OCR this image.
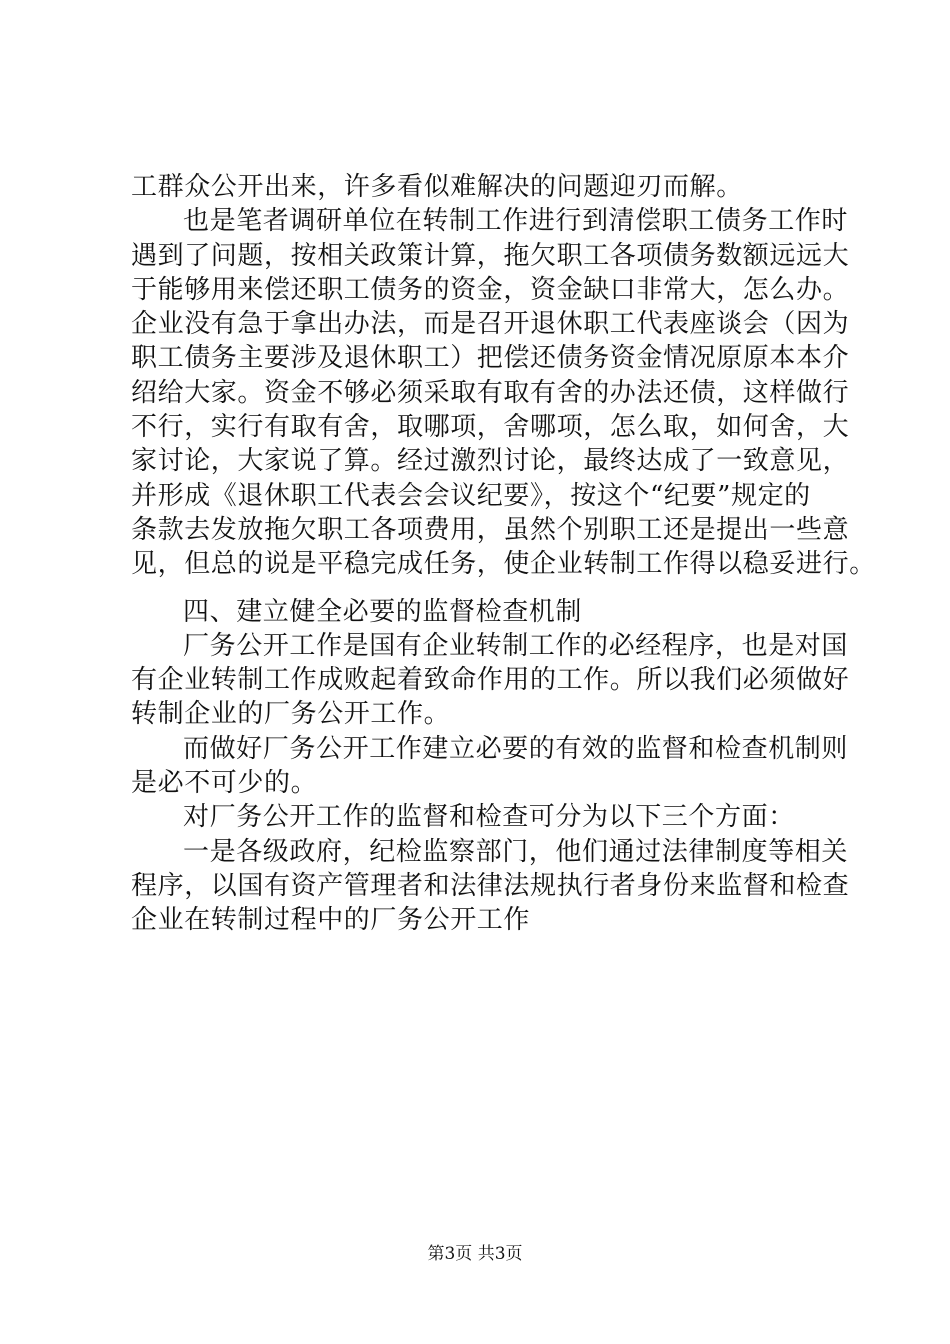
工群众公开出来，许多看似难解决的问题迎刃而解。
也是笔者调研单位在转制工作进行到清偿职工债务工作时
遇到了问题，按相关政策计算，拖欠职工各项债务数额远远大
于能够用来偿还职工债务的资金，资金缺口非常大，怎么办。
企业没有急于拿出办法，而是召开退休职工代表座谈会（因为
职工债务主要涉及退休职工）把偿还债务资金情况原原本本介
绍给大家。资金不够必须采取有取有舍的办法还债，这样做行
不行，实行有取有舍，取哪项，舍哪项，怎么取，如何舍，大
家讨论，大家说了算。经过激烈讨论，最终达成了一致意见，
并形成《退休职工代表会会议纪要》，按这个“纪要”规定的
条款去发放拖欠职工各项费用，虽然个别职工还是提出一些意
见，但总的说是平稳完成任务，使企业转制工作得以稳妥进行。
四、建立健全必要的监督检查机制
厂务公开工作是国有企业转制工作的必经程序，也是对国
有企业转制工作成败起着致命作用的工作。所以我们必须做好
转制企业的厂务公开工作。
而做好厂务公开工作建立必要的有效的监督和检查机制则
是必不可少的。
对厂务公开工作的监督和检查可分为以下三个方面：
一是各级政府，纪检监察部门，他们通过法律制度等相关
程序，以国有资产管理者和法律法规执行者身份来监督和检查
企业在转制过程中的厂务公开工作
第3页 共3页
